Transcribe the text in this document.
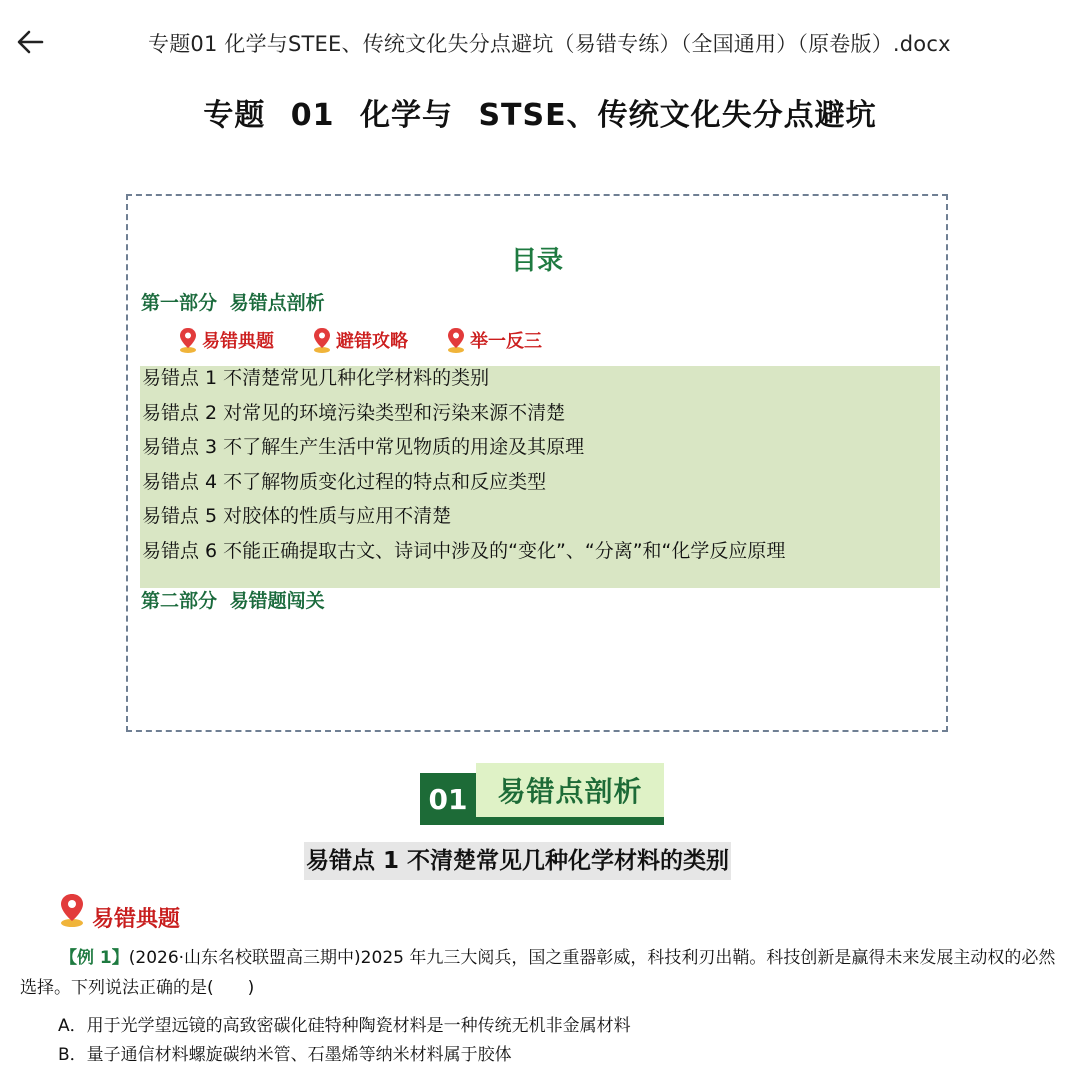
专题01 化学与STEE、传统文化失分点避坑（易错专练）（全国通用）（原卷版）.docx
专题 01 化学与 STSE、传统文化失分点避坑
目录
第一部分 易错点剖析
易错典题	避错攻略	举一反三
易错点 1 不清楚常见几种化学材料的类别
易错点 2 对常见的环境污染类型和污染来源不清楚
易错点 3 不了解生产生活中常见物质的用途及其原理
易错点 4 不了解物质变化过程的特点和反应类型
易错点 5 对胶体的性质与应用不清楚
易错点 6 不能正确提取古文、诗词中涉及的“变化”、“分离”和“化学反应原理
第二部分 易错题闯关
01	易错点剖析
易错点 1 不清楚常见几种化学材料的类别
易错典题
【例 1】(2026·山东名校联盟高三期中)2025 年九三大阅兵，国之重器彰威，科技利刃出鞘。科技创新是赢得未来发展主动权的必然选择。下列说法正确的是(　　)
A．用于光学望远镜的高致密碳化硅特种陶瓷材料是一种传统无机非金属材料
B．量子通信材料螺旋碳纳米管、石墨烯等纳米材料属于胶体
